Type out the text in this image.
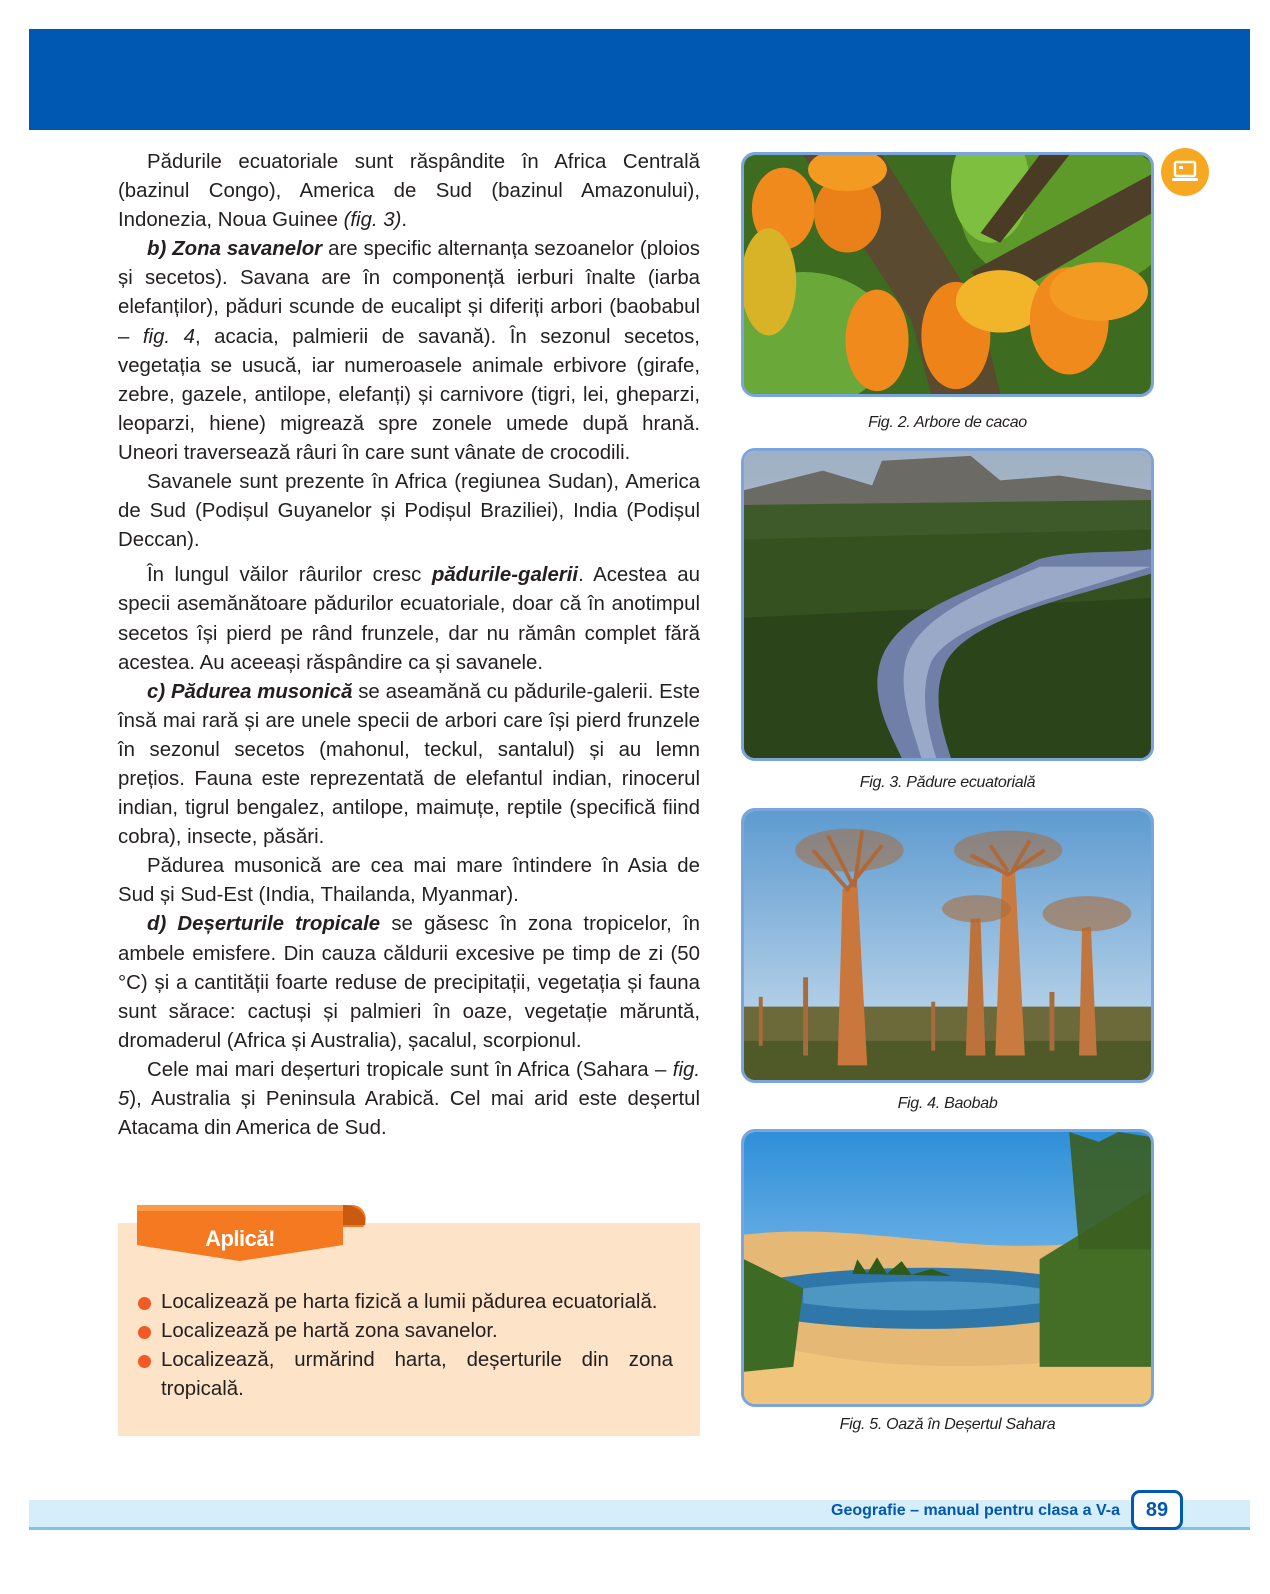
Pădurile ecuatoriale sunt răspândite în Africa Centrală (bazinul Congo), America de Sud (bazinul Amazonului), Indonezia, Noua Guinee (fig. 3).

b) Zona savanelor are specific alternanța sezoanelor (ploios și secetos). Savana are în componență ierburi înalte (iarba elefanților), păduri scunde de eucalipt și diferiți arbori (baobabul – fig. 4, acacia, palmierii de savană). În sezonul secetos, vegetația se usucă, iar numeroasele animale erbivore (girafe, zebre, gazele, antilope, elefanți) și carnivore (tigri, lei, gheparzi, leoparzi, hiene) migrează spre zonele umede după hrană. Uneori traversează râuri în care sunt vânate de crocodili.

Savanele sunt prezente în Africa (regiunea Sudan), America de Sud (Podișul Guyanelor și Podișul Braziliei), India (Podișul Deccan).

În lungul văilor râurilor cresc pădurile-galerii. Acestea au specii asemănătoare pădurilor ecuatoriale, doar că în anotimpul secetos își pierd pe rând frunzele, dar nu rămân complet fără acestea. Au aceeași răspândire ca și savanele.

c) Pădurea musonică se aseamănă cu pădurile-galerii. Este însă mai rară și are unele specii de arbori care își pierd frunzele în sezonul secetos (mahonul, teckul, santalul) și au lemn prețios. Fauna este reprezentată de elefantul indian, rinocerul indian, tigrul bengalez, antilope, maimuțe, reptile (specifică fiind cobra), insecte, păsări.

Pădurea musonică are cea mai mare întindere în Asia de Sud și Sud-Est (India, Thailanda, Myanmar).

d) Deșerturile tropicale se găsesc în zona tropicelor, în ambele emisfere. Din cauza căldurii excesive pe timp de zi (50 °C) și a cantității foarte reduse de precipitații, vegetația și fauna sunt sărace: cactuși și palmieri în oaze, vegetație măruntă, dromaderul (Africa și Australia), șacalul, scorpionul.

Cele mai mari deșerturi tropicale sunt în Africa (Sahara – fig. 5), Australia și Peninsula Arabică. Cel mai arid este deșertul Atacama din America de Sud.

Fig. 2. Arbore de cacao
Fig. 3. Pădure ecuatorială
Fig. 4. Baobab
Fig. 5. Oază în Deșertul Sahara
Aplică!
Localizează pe harta fizică a lumii pădurea ecuatorială.
Localizează pe hartă zona savanelor.
Localizează, urmărind harta, deșerturile din zona tropicală.
Geografie – manual pentru clasa a V-a	89
